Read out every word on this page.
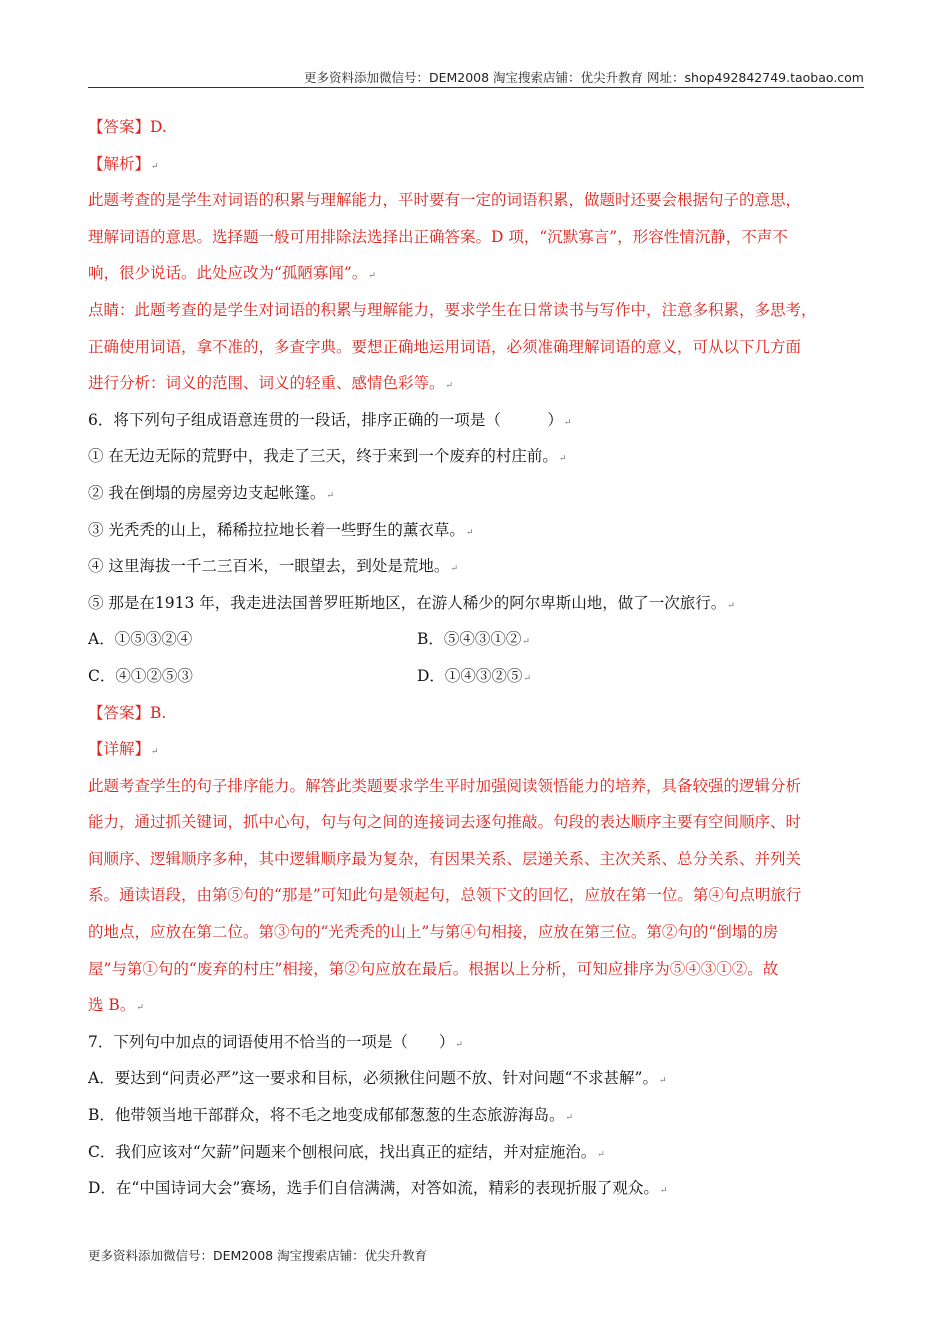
更多资料添加微信号：DEM2008 淘宝搜索店铺：优尖升教育 网址：shop492842749.taobao.com
【答案】D.
【解析】↵
此题考查的是学生对词语的积累与理解能力，平时要有一定的词语积累，做题时还要会根据句子的意思，
理解词语的意思。选择题一般可用排除法选择出正确答案。D 项，“沉默寡言”，形容性情沉静，不声不
响，很少说话。此处应改为“孤陋寡闻”。↵
点睛：此题考查的是学生对词语的积累与理解能力，要求学生在日常读书与写作中，注意多积累，多思考，
正确使用词语，拿不准的，多查字典。要想正确地运用词语，必须准确理解词语的意义，可从以下几方面
进行分析：词义的范围、词义的轻重、感情色彩等。↵
6．将下列句子组成语意连贯的一段话，排序正确的一项是（　　　）↵
① 在无边无际的荒野中，我走了三天，终于来到一个废弃的村庄前。↵
② 我在倒塌的房屋旁边支起帐篷。↵
③ 光秃秃的山上，稀稀拉拉地长着一些野生的薰衣草。↵
④ 这里海拔一千二三百米，一眼望去，到处是荒地。↵
⑤ 那是在1913 年，我走进法国普罗旺斯地区，在游人稀少的阿尔卑斯山地，做了一次旅行。↵
A．①⑤③②④	B．⑤④③①②↵
C．④①②⑤③	D．①④③②⑤↵
【答案】B.
【详解】↵
此题考查学生的句子排序能力。解答此类题要求学生平时加强阅读领悟能力的培养，具备较强的逻辑分析
能力，通过抓关键词，抓中心句，句与句之间的连接词去逐句推敲。句段的表达顺序主要有空间顺序、时
间顺序、逻辑顺序多种，其中逻辑顺序最为复杂，有因果关系、层递关系、主次关系、总分关系、并列关
系。通读语段，由第⑤句的“那是”可知此句是领起句，总领下文的回忆，应放在第一位。第④句点明旅行
的地点，应放在第二位。第③句的“光秃秃的山上”与第④句相接，应放在第三位。第②句的“倒塌的房
屋”与第①句的“废弃的村庄”相接，第②句应放在最后。根据以上分析，可知应排序为⑤④③①②。故
选 B。↵
7．下列句中加点的词语使用不恰当的一项是（　　）↵
A．要达到“问责必严”这一要求和目标，必须揪住问题不放、针对问题“不求甚解”。↵
B．他带领当地干部群众，将不毛之地变成郁郁葱葱的生态旅游海岛。↵
C．我们应该对“欠薪”问题来个刨根问底，找出真正的症结，并对症施治。↵
D．在“中国诗词大会”赛场，选手们自信满满，对答如流，精彩的表现折服了观众。↵
更多资料添加微信号：DEM2008 淘宝搜索店铺：优尖升教育
